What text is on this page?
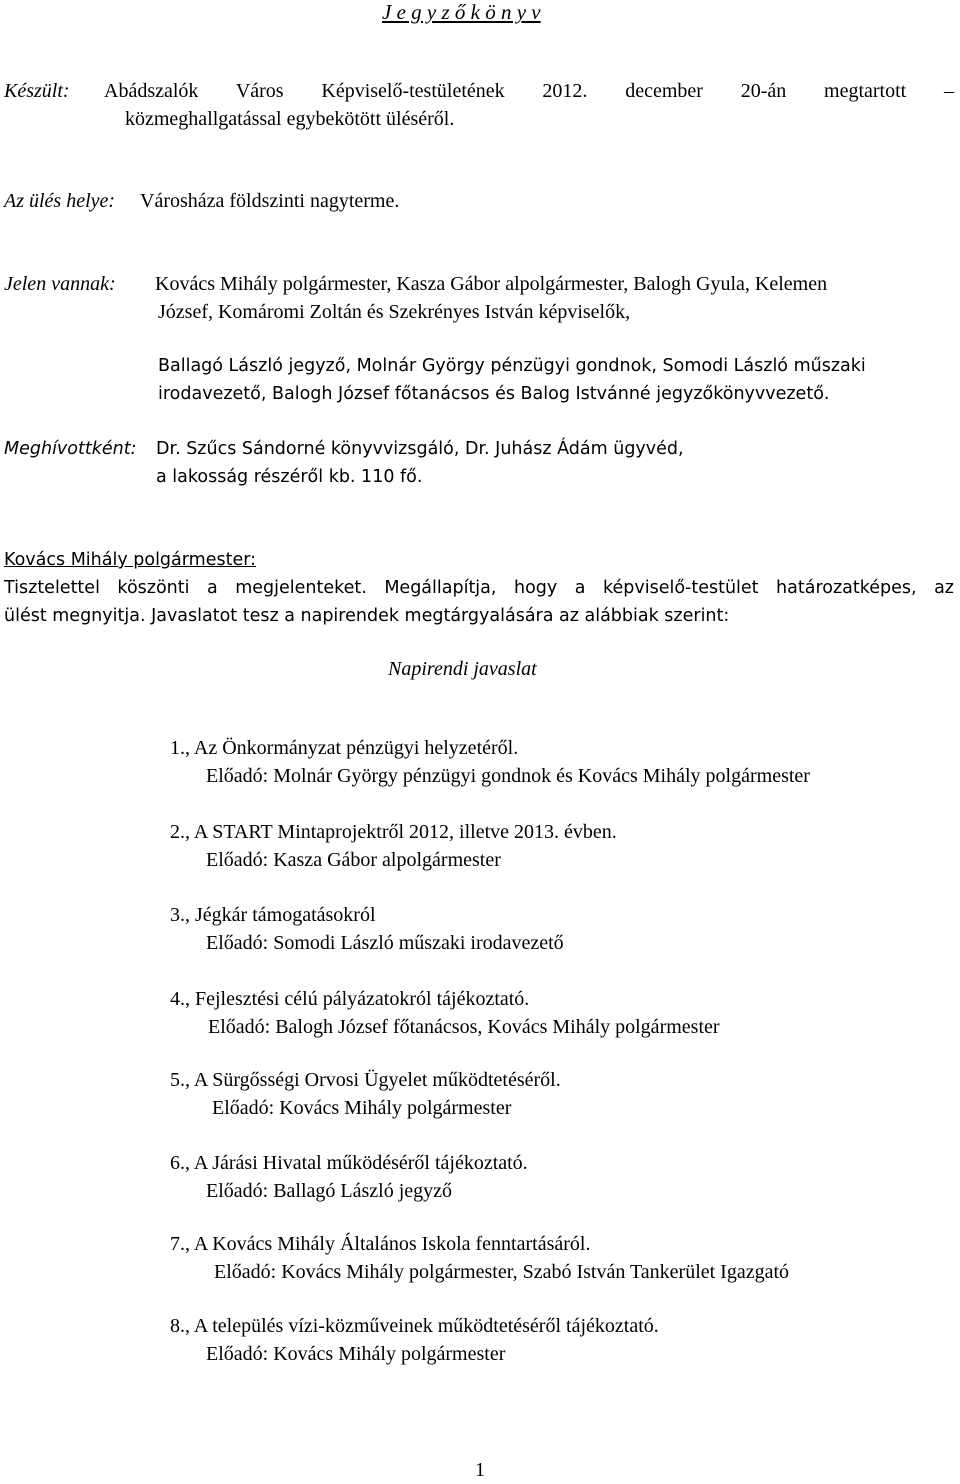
J e g y z ő k ö n y v
Készült: Abádszalók Város Képviselő-testületének 2012. december 20-án megtartott –
közmeghallgatással egybekötött üléséről.
Az ülés helye: Városháza földszinti nagyterme.
Jelen vannak: Kovács Mihály polgármester, Kasza Gábor alpolgármester, Balogh Gyula, Kelemen
József, Komáromi Zoltán és Szekrényes István képviselők,
Ballagó László jegyző, Molnár György pénzügyi gondnok, Somodi László műszaki
irodavezető, Balogh József főtanácsos és Balog Istvánné jegyzőkönyvvezető.
Meghívottként: Dr. Szűcs Sándorné könyvvizsgáló, Dr. Juhász Ádám ügyvéd,
a lakosság részéről kb. 110 fő.
Kovács Mihály polgármester:
Tisztelettel köszönti a megjelenteket. Megállapítja, hogy a képviselő-testület határozatképes, az
ülést megnyitja. Javaslatot tesz a napirendek megtárgyalására az alábbiak szerint:
Napirendi javaslat
1., Az Önkormányzat pénzügyi helyzetéről.
Előadó: Molnár György pénzügyi gondnok és Kovács Mihály polgármester
2., A START Mintaprojektről 2012, illetve 2013. évben.
Előadó: Kasza Gábor alpolgármester
3., Jégkár támogatásokról
Előadó: Somodi László műszaki irodavezető
4., Fejlesztési célú pályázatokról tájékoztató.
Előadó: Balogh József főtanácsos, Kovács Mihály polgármester
5., A Sürgősségi Orvosi Ügyelet működtetéséről.
Előadó: Kovács Mihály polgármester
6., A Járási Hivatal működéséről tájékoztató.
Előadó: Ballagó László jegyző
7., A Kovács Mihály Általános Iskola fenntartásáról.
Előadó: Kovács Mihály polgármester, Szabó István Tankerület Igazgató
8., A település vízi-közműveinek működtetéséről tájékoztató.
Előadó: Kovács Mihály polgármester
1
